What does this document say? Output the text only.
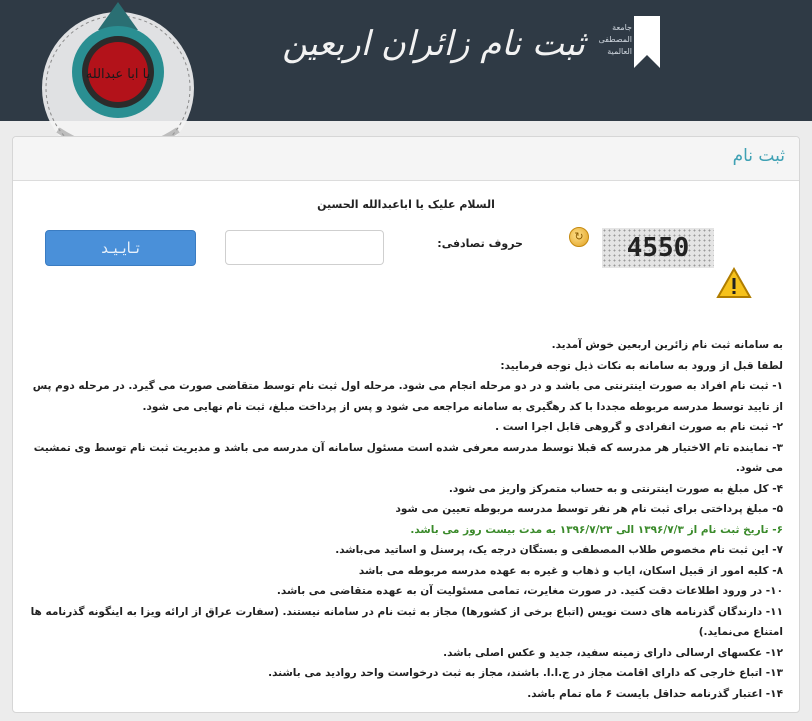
جامعة
المصطفی
العالمیة
ثبت نام زائران اربعین
یا ابا عبدالله
ثبت نام
السلام علیک یا اباعبدالله الحسین
تـایـیـد	حروف تصادفی:
↻	4550

به سامانه ثبت نام زائرین اربعین خوش آمدید.

لطفا قبل از ورود به سامانه به نکات ذیل توجه فرمایید:

۱- ثبت نام افراد به صورت اینترنتی می باشد و در دو مرحله انجام می شود. مرحله اول ثبت نام توسط متقاضی صورت می گیرد. در مرحله دوم پس از تایید توسط مدرسه مربوطه مجددا با کد رهگیری به سامانه مراجعه می شود و پس از پرداخت مبلغ، ثبت نام نهایی می شود.

۲- ثبت نام به صورت انفرادی و گروهی قابل اجرا است .

۳- نماینده تام الاختیار هر مدرسه که قبلا توسط مدرسه معرفی شده است مسئول سامانه آن مدرسه می باشد و مدیریت ثبت نام توسط وی تمشیت می شود.

۴- کل مبلغ به صورت اینترنتی و به حساب متمرکز واریز می شود.

۵- مبلغ پرداختی برای ثبت نام هر نفر توسط مدرسه مربوطه تعیین می شود

۶- تاریخ ثبت نام از ۱۳۹۶/۷/۳ الی ۱۳۹۶/۷/۲۳ به مدت بیست روز می باشد.

۷- این ثبت نام مخصوص طلاب المصطفی و بستگان درجه یک، پرسنل و اساتید می‌باشد.

۸- کلیه امور از قبیل اسکان، ایاب و ذهاب و غیره به عهده مدرسه مربوطه می باشد

۱۰- در ورود اطلاعات دقت کنید. در صورت مغایرت، تمامی مسئولیت آن به عهده متقاضی می باشد.

۱۱- دارندگان گذرنامه های دست نویس (اتباع برخی از کشورها) مجاز به ثبت نام در سامانه نیستند. (سفارت عراق از ارائه ویزا به اینگونه گذرنامه ها امتناع می‌نماید.)

۱۲- عکسهای ارسالی دارای زمینه سفید، جدید و عکس اصلی باشد.

۱۳- اتباع خارجی که دارای اقامت مجاز در ج.ا.ا. باشند، مجاز به ثبت درخواست واحد روادید می باشند.

۱۴- اعتبار گذرنامه حداقل بایست ۶ ماه تمام باشد.
